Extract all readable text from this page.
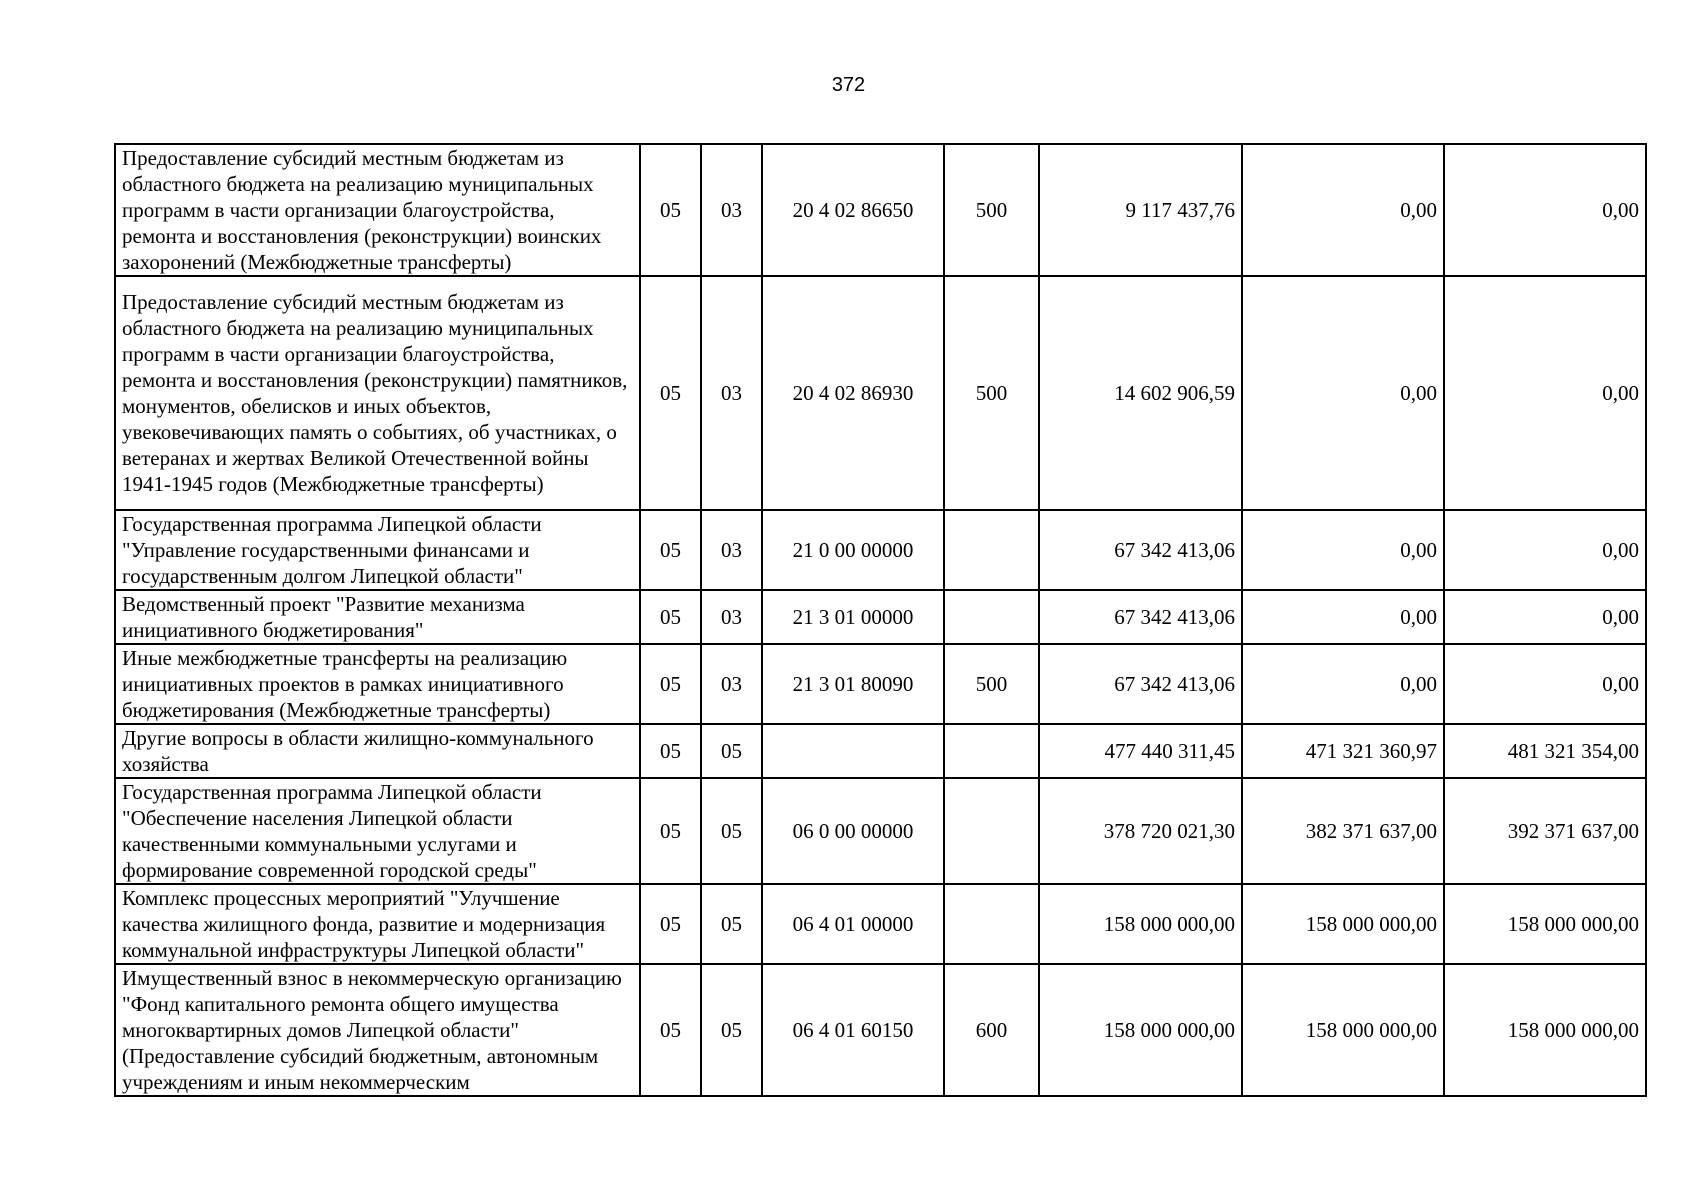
372
Предоставление субсидий местным бюджетам из областного бюджета на реализацию муниципальных программ в части организации благоустройства, ремонта и восстановления (реконструкции) воинских захоронений (Межбюджетные трансферты)	05	03	20 4 02 86650	500	9 117 437,76	0,00	0,00
Предоставление субсидий местным бюджетам из областного бюджета на реализацию муниципальных программ в части организации благоустройства, ремонта и восстановления (реконструкции) памятников, монументов, обелисков и иных объектов, увековечивающих память о событиях, об участниках, о ветеранах и жертвах Великой Отечественной войны 1941-1945 годов (Межбюджетные трансферты)	05	03	20 4 02 86930	500	14 602 906,59	0,00	0,00
Государственная программа Липецкой области "Управление государственными финансами и государственным долгом Липецкой области"	05	03	21 0 00 00000		67 342 413,06	0,00	0,00
Ведомственный проект "Развитие механизма инициативного бюджетирования"	05	03	21 3 01 00000		67 342 413,06	0,00	0,00
Иные межбюджетные трансферты на реализацию инициативных проектов в рамках инициативного бюджетирования (Межбюджетные трансферты)	05	03	21 3 01 80090	500	67 342 413,06	0,00	0,00
Другие вопросы в области жилищно-коммунального хозяйства	05	05			477 440 311,45	471 321 360,97	481 321 354,00
Государственная программа Липецкой области "Обеспечение населения Липецкой области качественными коммунальными услугами и формирование современной городской среды"	05	05	06 0 00 00000		378 720 021,30	382 371 637,00	392 371 637,00
Комплекс процессных мероприятий "Улучшение качества жилищного фонда, развитие и модернизация коммунальной инфраструктуры Липецкой области"	05	05	06 4 01 00000		158 000 000,00	158 000 000,00	158 000 000,00
Имущественный взнос в некоммерческую организацию "Фонд капитального ремонта общего имущества многоквартирных домов Липецкой области" (Предоставление субсидий бюджетным, автономным учреждениям и иным некоммерческим	05	05	06 4 01 60150	600	158 000 000,00	158 000 000,00	158 000 000,00
